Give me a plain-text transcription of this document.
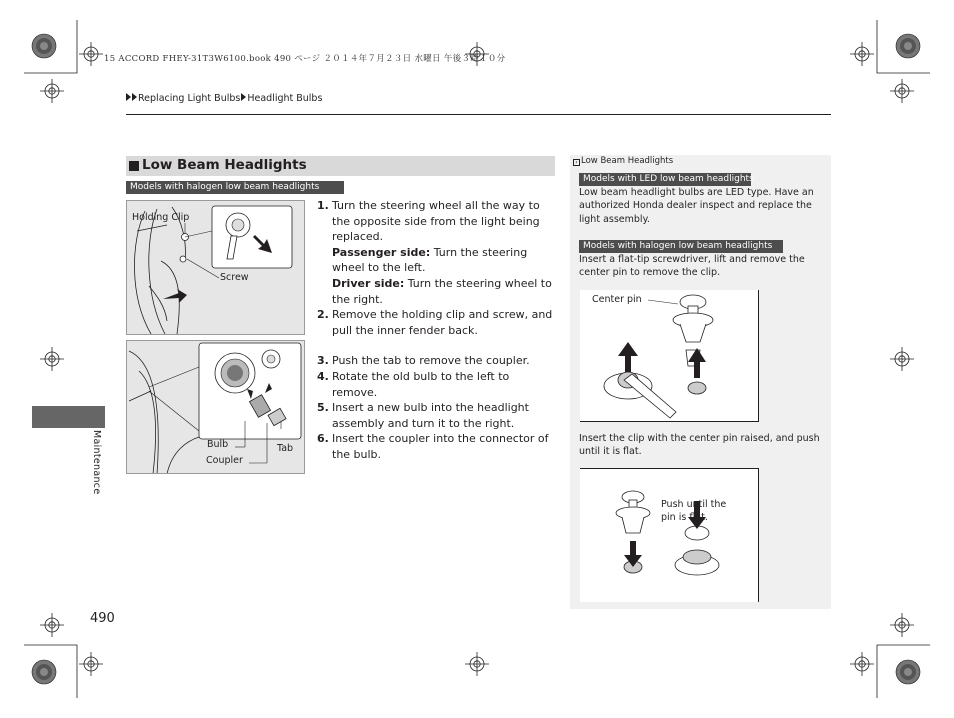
15 ACCORD FHEY-31T3W6100.book 490 ページ ２０１４年７月２３日 水曜日 午後３時１０分
Replacing Light Bulbs Headlight Bulbs
Low Beam Headlights
Models with halogen low beam headlights
Holding Clip
Screw
Bulb
Coupler
Tab
1. Turn the steering wheel all the way to the opposite side from the light being replaced.
Passenger side: Turn the steering wheel to the left.
Driver side: Turn the steering wheel to the right.
2. Remove the holding clip and screw, and pull the inner fender back.
3. Push the tab to remove the coupler.
4. Rotate the old bulb to the left to remove.
5. Insert a new bulb into the headlight assembly and turn it to the right.
6. Insert the coupler into the connector of the bulb.
› Low Beam Headlights
Models with LED low beam headlights
Low beam headlight bulbs are LED type. Have an authorized Honda dealer inspect and replace the light assembly.
Models with halogen low beam headlights
Insert a flat-tip screwdriver, lift and remove the center pin to remove the clip.
Center pin
Insert the clip with the center pin raised, and push until it is flat.
Push until the
pin is flat.
Maintenance
490
